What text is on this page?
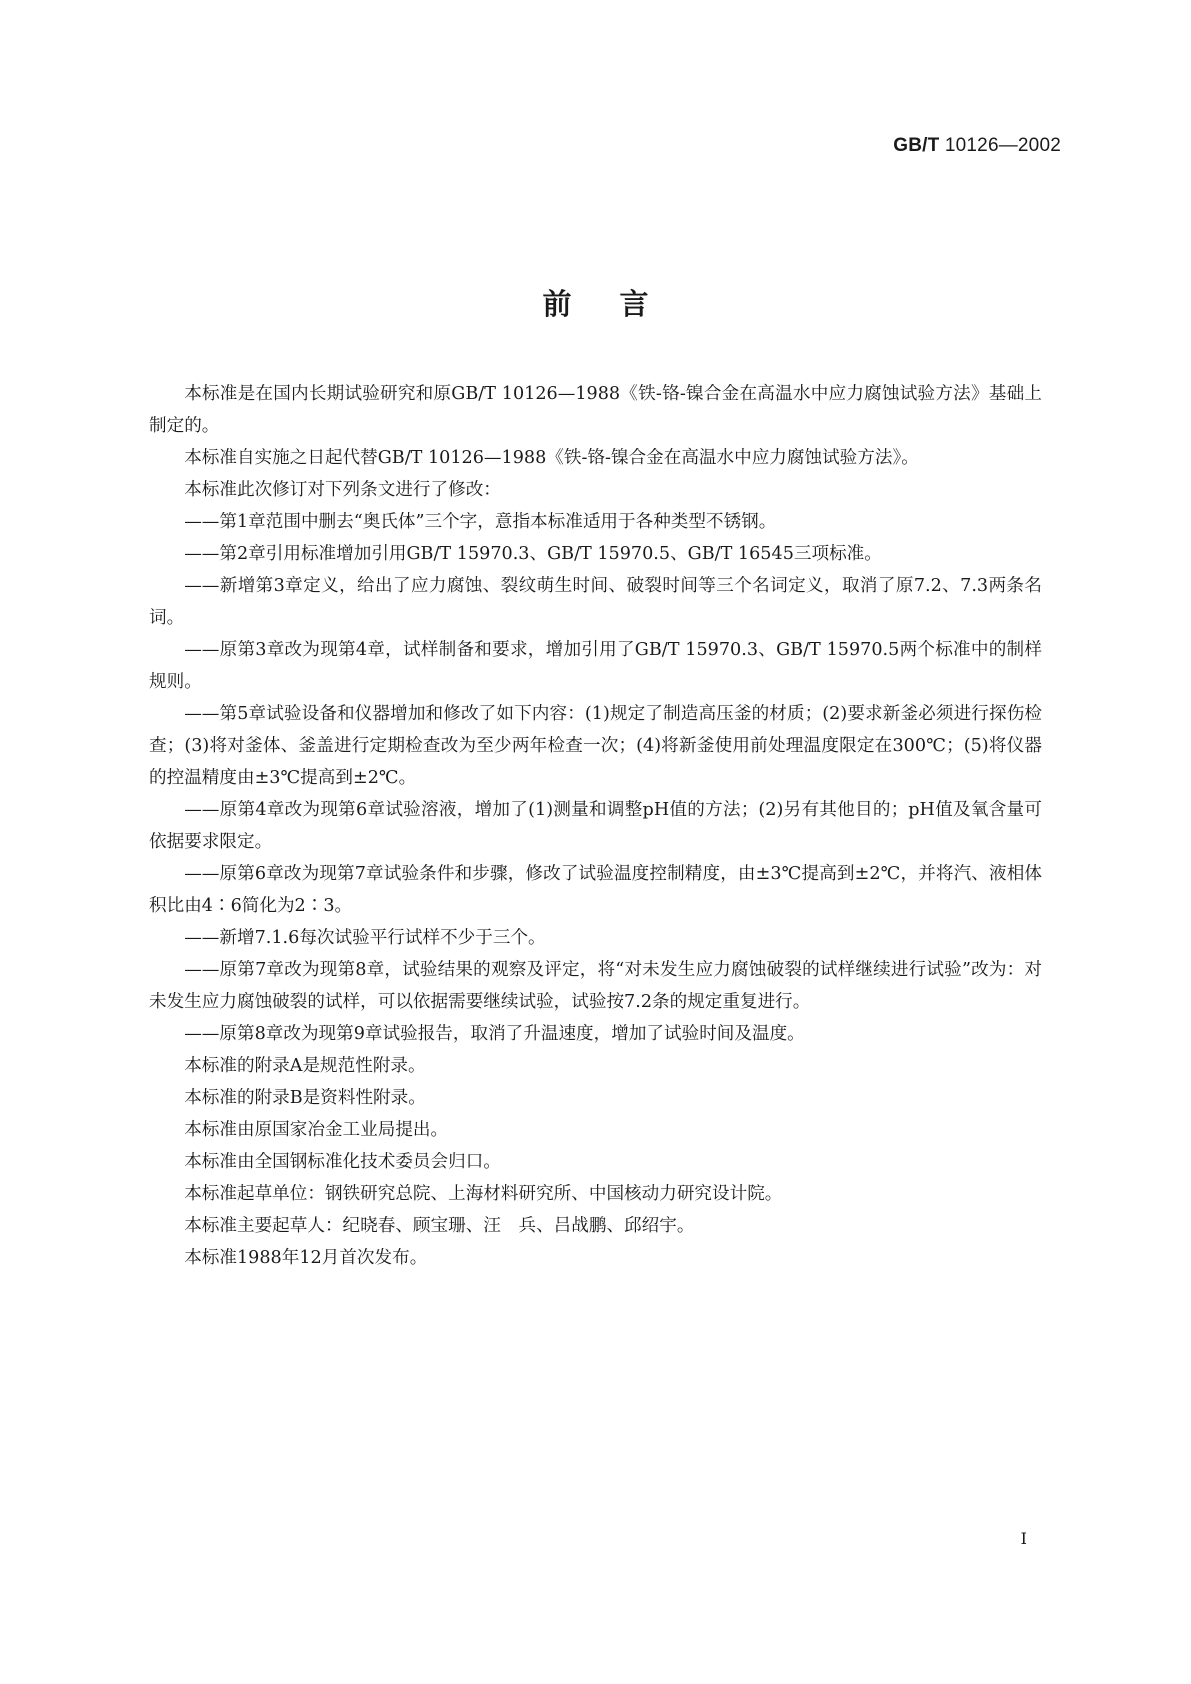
GB/T 10126—2002
前言

本标准是在国内长期试验研究和原GB/T 10126—1988《铁-铬-镍合金在高温水中应力腐蚀试验方法》基础上制定的。

本标准自实施之日起代替GB/T 10126—1988《铁-铬-镍合金在高温水中应力腐蚀试验方法》。

本标准此次修订对下列条文进行了修改：

——第1章范围中删去“奥氏体”三个字，意指本标准适用于各种类型不锈钢。

——第2章引用标准增加引用GB/T 15970.3、GB/T 15970.5、GB/T 16545三项标准。

——新增第3章定义，给出了应力腐蚀、裂纹萌生时间、破裂时间等三个名词定义，取消了原7.2、7.3两条名词。

——原第3章改为现第4章，试样制备和要求，增加引用了GB/T 15970.3、GB/T 15970.5两个标准中的制样规则。

——第5章试验设备和仪器增加和修改了如下内容：(1)规定了制造高压釜的材质；(2)要求新釜必须进行探伤检查；(3)将对釜体、釜盖进行定期检查改为至少两年检查一次；(4)将新釜使用前处理温度限定在300℃；(5)将仪器的控温精度由±3℃提高到±2℃。

——原第4章改为现第6章试验溶液，增加了(1)测量和调整pH值的方法；(2)另有其他目的；pH值及氧含量可依据要求限定。

——原第6章改为现第7章试验条件和步骤，修改了试验温度控制精度，由±3℃提高到±2℃，并将汽、液相体积比由4∶6简化为2∶3。

——新增7.1.6每次试验平行试样不少于三个。

——原第7章改为现第8章，试验结果的观察及评定，将“对未发生应力腐蚀破裂的试样继续进行试验”改为：对未发生应力腐蚀破裂的试样，可以依据需要继续试验，试验按7.2条的规定重复进行。

——原第8章改为现第9章试验报告，取消了升温速度，增加了试验时间及温度。

本标准的附录A是规范性附录。

本标准的附录B是资料性附录。

本标准由原国家冶金工业局提出。

本标准由全国钢标准化技术委员会归口。

本标准起草单位：钢铁研究总院、上海材料研究所、中国核动力研究设计院。

本标准主要起草人：纪晓春、顾宝珊、汪　兵、吕战鹏、邱绍宇。

本标准1988年12月首次发布。

I
